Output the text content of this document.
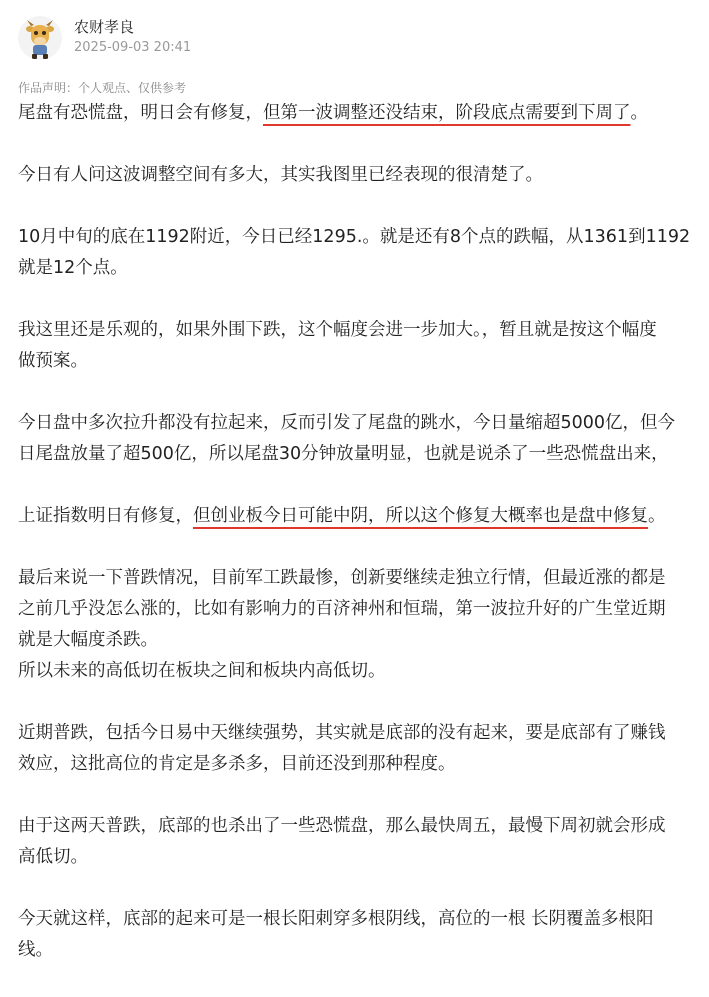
农财孝良
2025-09-03 20:41
作品声明：个人观点、仅供参考

尾盘有恐慌盘，明日会有修复，但第一波调整还没结束，阶段底点需要到下周了。

今日有人问这波调整空间有多大，其实我图里已经表现的很清楚了。

10月中旬的底在1192附近，今日已经1295.。就是还有8个点的跌幅，从1361到1192
就是12个点。

我这里还是乐观的，如果外围下跌，这个幅度会进一步加大。，暂且就是按这个幅度
做预案。

今日盘中多次拉升都没有拉起来，反而引发了尾盘的跳水，今日量缩超5000亿，但今
日尾盘放量了超500亿，所以尾盘30分钟放量明显，也就是说杀了一些恐慌盘出来，

上证指数明日有修复，但创业板今日可能中阴，所以这个修复大概率也是盘中修复。

最后来说一下普跌情况，目前军工跌最惨，创新要继续走独立行情，但最近涨的都是
之前几乎没怎么涨的，比如有影响力的百济神州和恒瑞，第一波拉升好的广生堂近期
就是大幅度杀跌。
所以未来的高低切在板块之间和板块内高低切。

近期普跌，包括今日易中天继续强势，其实就是底部的没有起来，要是底部有了赚钱
效应，这批高位的肯定是多杀多，目前还没到那种程度。

由于这两天普跌，底部的也杀出了一些恐慌盘，那么最快周五，最慢下周初就会形成
高低切。

今天就这样，底部的起来可是一根长阳刺穿多根阴线，高位的一根 长阴覆盖多根阳
线。
